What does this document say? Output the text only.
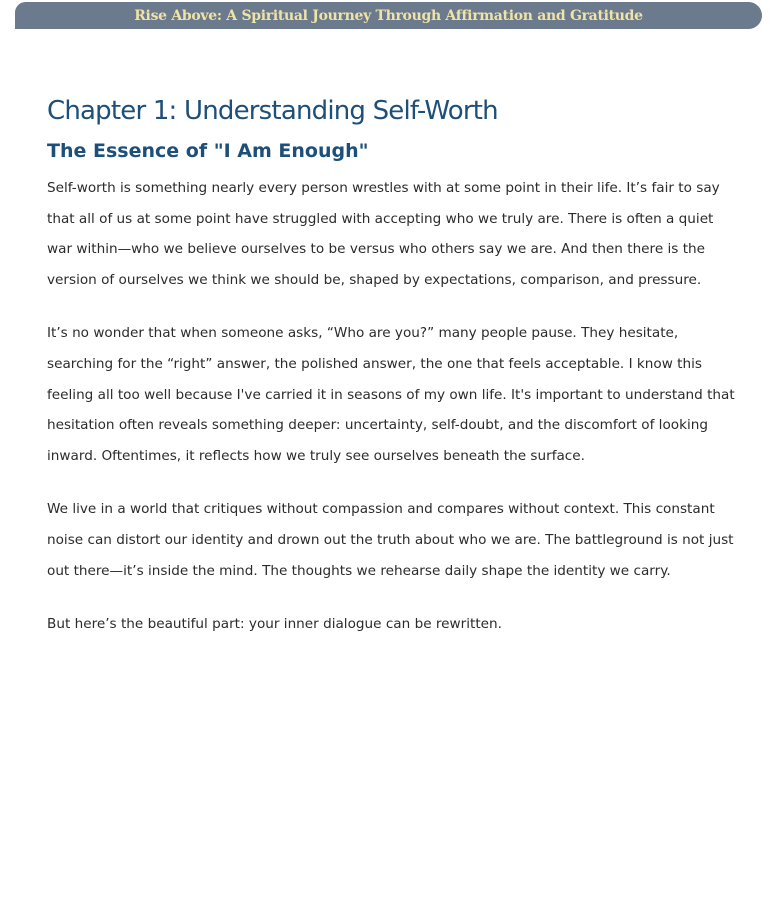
Rise Above: A Spiritual Journey Through Affirmation and Gratitude
Chapter 1: Understanding Self-Worth
The Essence of "I Am Enough"

Self-worth is something nearly every person wrestles with at some point in their life. It’s fair to say that all of us at some point have struggled with accepting who we truly are. There is often a quiet war within—who we believe ourselves to be versus who others say we are. And then there is the version of ourselves we think we should be, shaped by expectations, comparison, and pressure.

It’s no wonder that when someone asks, “Who are you?” many people pause. They hesitate, searching for the “right” answer, the polished answer, the one that feels acceptable. I know this feeling all too well because I've carried it in seasons of my own life. It's important to understand that hesitation often reveals something deeper: uncertainty, self-doubt, and the discomfort of looking inward. Oftentimes, it reflects how we truly see ourselves beneath the surface.

We live in a world that critiques without compassion and compares without context. This constant noise can distort our identity and drown out the truth about who we are. The battleground is not just out there—it’s inside the mind. The thoughts we rehearse daily shape the identity we carry.

But here’s the beautiful part: your inner dialogue can be rewritten.
